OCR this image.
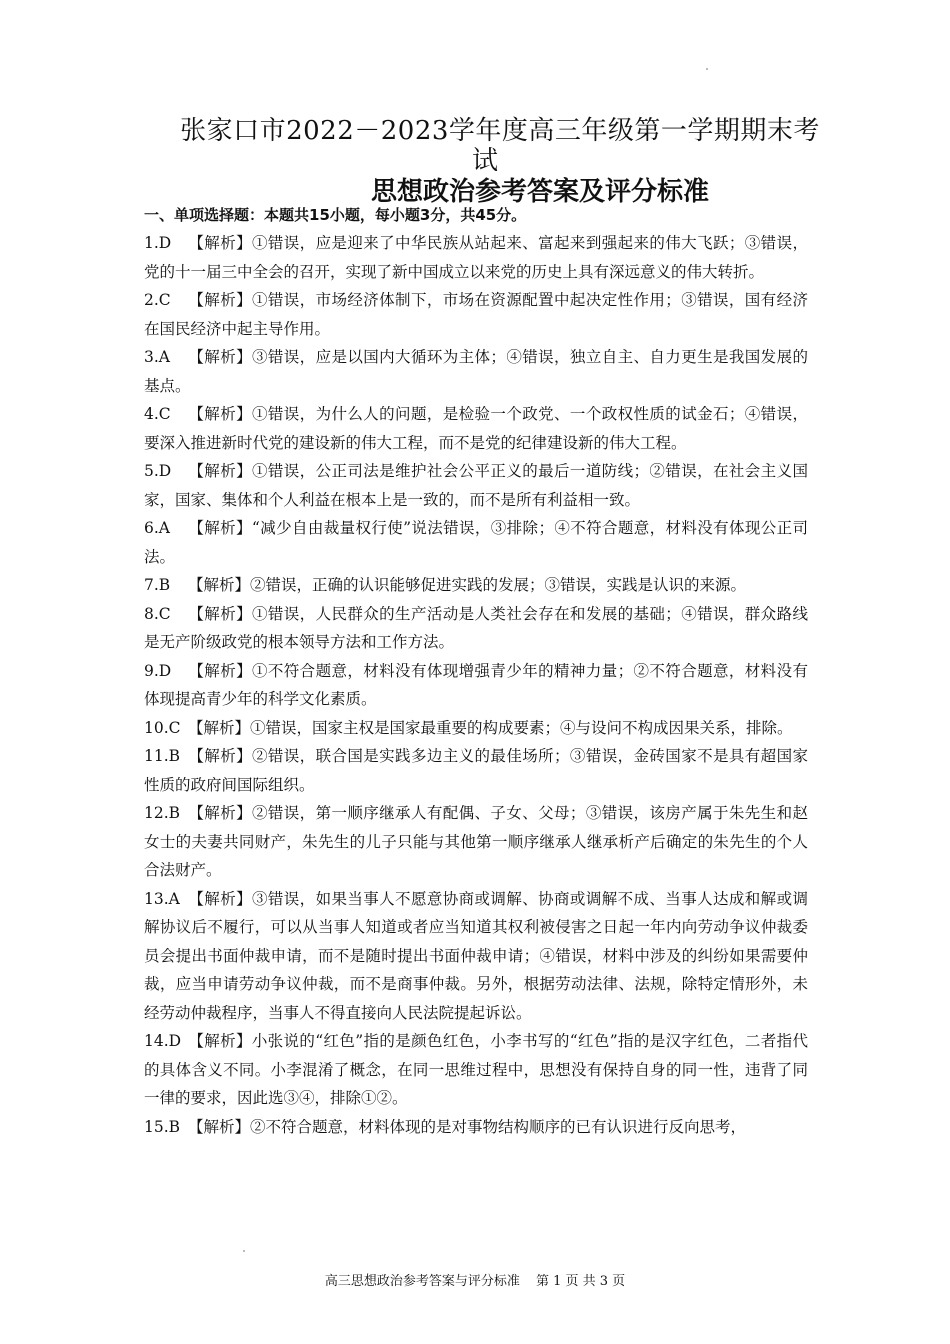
张家口市2022－2023学年度高三年级第一学期期末考
试
思想政治参考答案及评分标准
一、单项选择题：本题共15小题，每小题3分，共45分。

1.D 【解析】①错误，应是迎来了中华民族从站起来、富起来到强起来的伟大飞跃；③错误，党的十一届三中全会的召开，实现了新中国成立以来党的历史上具有深远意义的伟大转折。

2.C 【解析】①错误，市场经济体制下，市场在资源配置中起决定性作用；③错误，国有经济在国民经济中起主导作用。

3.A 【解析】③错误，应是以国内大循环为主体；④错误，独立自主、自力更生是我国发展的基点。

4.C 【解析】①错误，为什么人的问题，是检验一个政党、一个政权性质的试金石；④错误，要深入推进新时代党的建设新的伟大工程，而不是党的纪律建设新的伟大工程。

5.D 【解析】①错误，公正司法是维护社会公平正义的最后一道防线；②错误，在社会主义国家，国家、集体和个人利益在根本上是一致的，而不是所有利益相一致。

6.A 【解析】“减少自由裁量权行使”说法错误，③排除；④不符合题意，材料没有体现公正司法。

7.B 【解析】②错误，正确的认识能够促进实践的发展；③错误，实践是认识的来源。

8.C 【解析】①错误，人民群众的生产活动是人类社会存在和发展的基础；④错误，群众路线是无产阶级政党的根本领导方法和工作方法。

9.D 【解析】①不符合题意，材料没有体现增强青少年的精神力量；②不符合题意，材料没有体现提高青少年的科学文化素质。

10.C 【解析】①错误，国家主权是国家最重要的构成要素；④与设问不构成因果关系，排除。

11.B 【解析】②错误，联合国是实践多边主义的最佳场所；③错误，金砖国家不是具有超国家性质的政府间国际组织。

12.B 【解析】②错误，第一顺序继承人有配偶、子女、父母；③错误，该房产属于朱先生和赵女士的夫妻共同财产，朱先生的儿子只能与其他第一顺序继承人继承析产后确定的朱先生的个人合法财产。

13.A 【解析】③错误，如果当事人不愿意协商或调解、协商或调解不成、当事人达成和解或调解协议后不履行，可以从当事人知道或者应当知道其权利被侵害之日起一年内向劳动争议仲裁委员会提出书面仲裁申请，而不是随时提出书面仲裁申请；④错误，材料中涉及的纠纷如果需要仲裁，应当申请劳动争议仲裁，而不是商事仲裁。另外，根据劳动法律、法规，除特定情形外，未经劳动仲裁程序，当事人不得直接向人民法院提起诉讼。

14.D 【解析】小张说的“红色”指的是颜色红色，小李书写的“红色”指的是汉字红色，二者指代的具体含义不同。小李混淆了概念，在同一思维过程中，思想没有保持自身的同一性，违背了同一律的要求，因此选③④，排除①②。

15.B 【解析】②不符合题意，材料体现的是对事物结构顺序的已有认识进行反向思考，

高三思想政治参考答案与评分标准 第 1 页 共 3 页
